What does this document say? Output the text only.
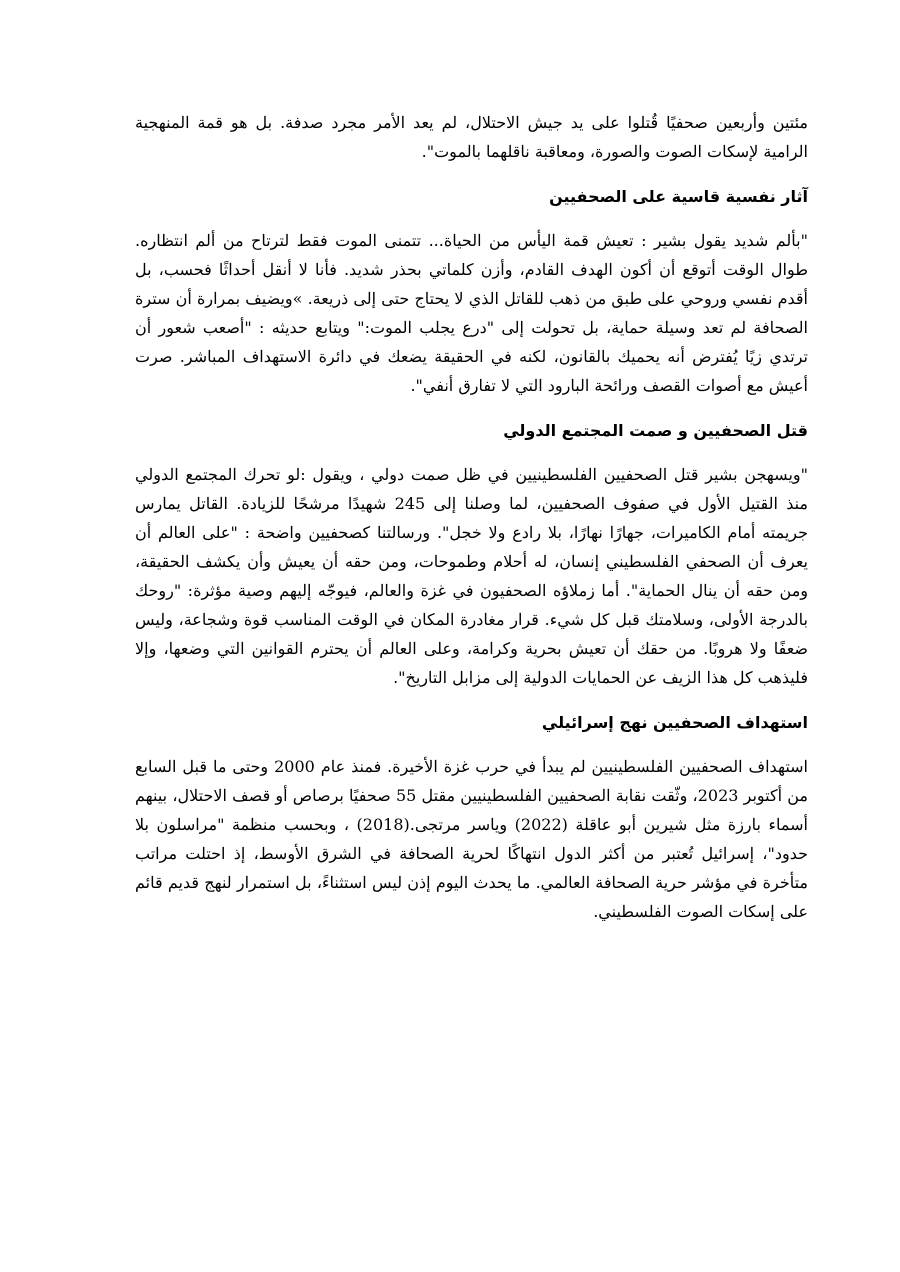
مئتين وأربعين صحفيًا قُتلوا على يد جيش الاحتلال، لم يعد الأمر مجرد صدفة. بل هو قمة المنهجية الرامية لإسكات الصوت والصورة، ومعاقبة ناقلهما بالموت".

آثار نفسية قاسية على الصحفيين

"بألم شديد يقول بشير : تعيش قمة اليأس من الحياة... تتمنى الموت فقط لترتاح من ألم انتظاره. طوال الوقت أتوقع أن أكون الهدف القادم، وأزن كلماتي بحذر شديد. فأنا لا أنقل أحداثًا فحسب، بل أقدم نفسي وروحي على طبق من ذهب للقاتل الذي لا يحتاج حتى إلى ذريعة. »ويضيف بمرارة أن سترة الصحافة لم تعد وسيلة حماية، بل تحولت إلى "درع يجلب الموت:" ويتابع حديثه : "أصعب شعور أن ترتدي زيًا يُفترض أنه يحميك بالقانون، لكنه في الحقيقة يضعك في دائرة الاستهداف المباشر. صرت أعيش مع أصوات القصف ورائحة البارود التي لا تفارق أنفي".

قتل الصحفيين و صمت المجتمع الدولي

"ويسهجن بشير قتل الصحفيين الفلسطينيين في ظل صمت دولي ، ويقول :لو تحرك المجتمع الدولي منذ القتيل الأول في صفوف الصحفيين، لما وصلنا إلى 245 شهيدًا مرشحًا للزيادة. القاتل يمارس جريمته أمام الكاميرات، جهارًا نهارًا، بلا رادع ولا خجل". ورسالتنا كصحفيين واضحة : "على العالم أن يعرف أن الصحفي الفلسطيني إنسان، له أحلام وطموحات، ومن حقه أن يعيش وأن يكشف الحقيقة، ومن حقه أن ينال الحماية". أما زملاؤه الصحفيون في غزة والعالم، فيوجّه إليهم وصية مؤثرة: "روحك بالدرجة الأولى، وسلامتك قبل كل شيء. قرار مغادرة المكان في الوقت المناسب قوة وشجاعة، وليس ضعفًا ولا هروبًا. من حقك أن تعيش بحرية وكرامة، وعلى العالم أن يحترم القوانين التي وضعها، وإلا فليذهب كل هذا الزيف عن الحمايات الدولية إلى مزابل التاريخ".

استهداف الصحفيين نهج إسرائيلي

استهداف الصحفيين الفلسطينيين لم يبدأ في حرب غزة الأخيرة. فمنذ عام 2000 وحتى ما قبل السابع من أكتوبر 2023، وثّقت نقابة الصحفيين الفلسطينيين مقتل 55 صحفيًا برصاص أو قصف الاحتلال، بينهم أسماء بارزة مثل شيرين أبو عاقلة (2022) وياسر مرتجى.(2018) ، وبحسب منظمة "مراسلون بلا حدود"، إسرائيل تُعتبر من أكثر الدول انتهاكًا لحرية الصحافة في الشرق الأوسط، إذ احتلت مراتب متأخرة في مؤشر حرية الصحافة العالمي. ما يحدث اليوم إذن ليس استثناءً، بل استمرار لنهج قديم قائم على إسكات الصوت الفلسطيني.
